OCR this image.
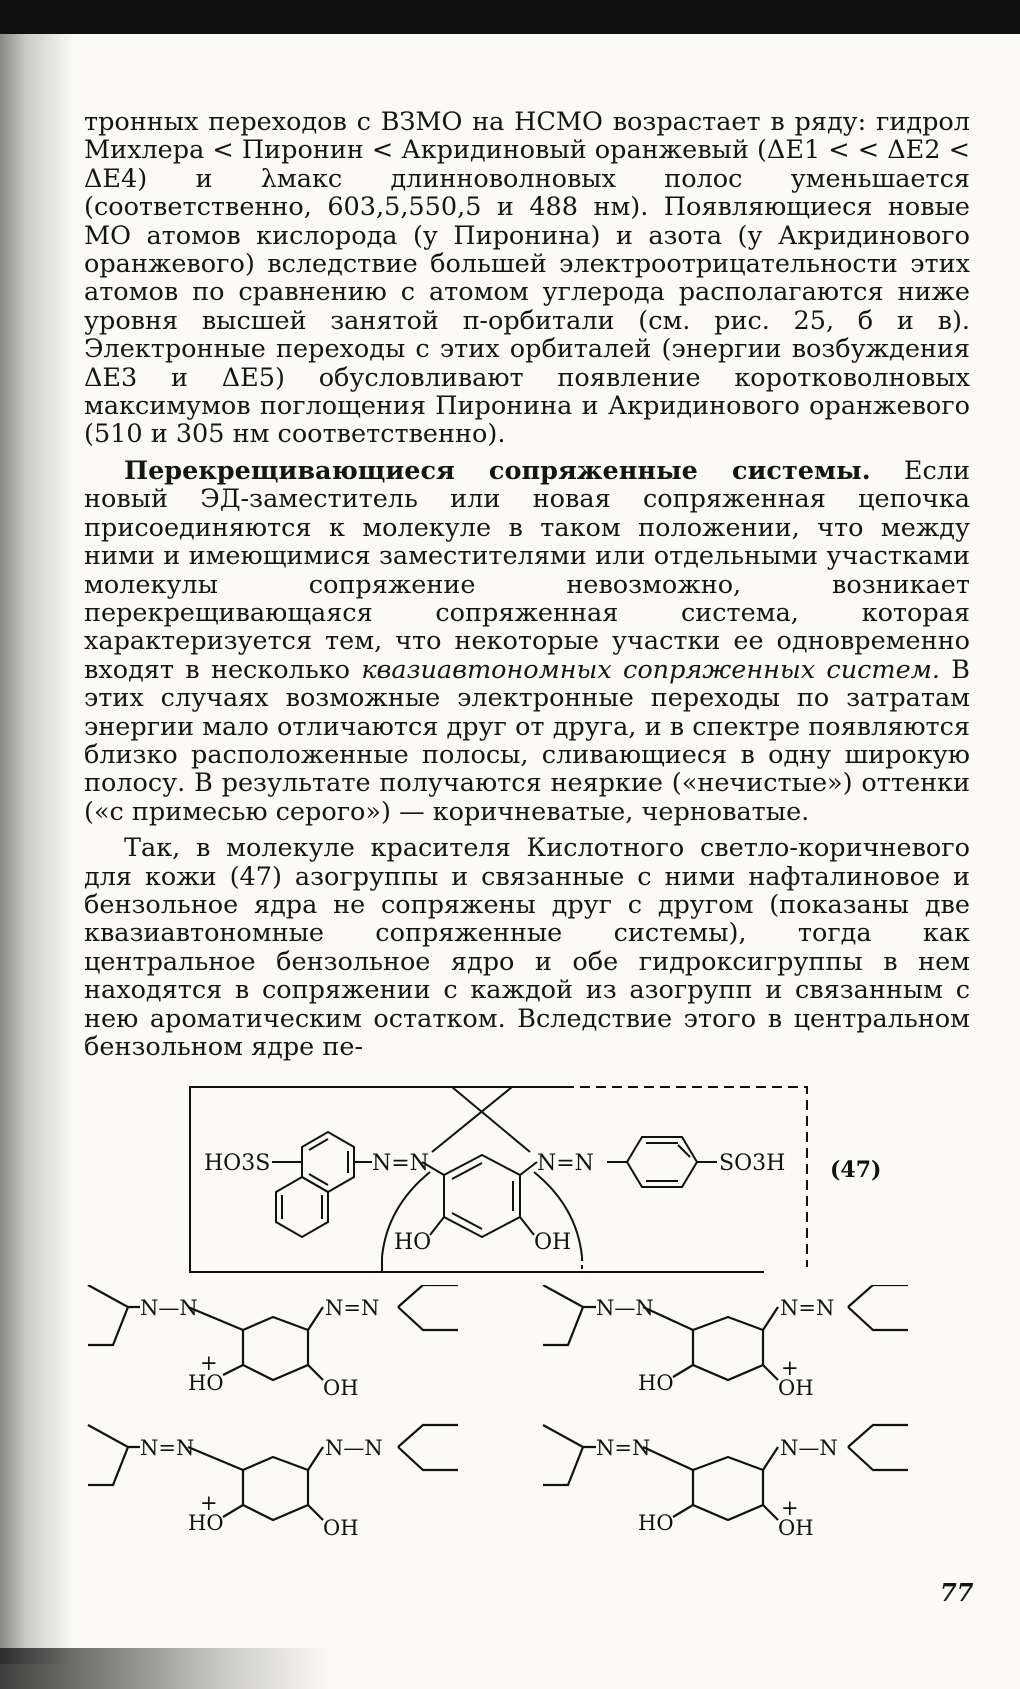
тронных переходов с ВЗМО на НСМО возрастает в ряду: гидрол Михлера < Пиронин < Акридиновый оранжевый (ΔE1 < < ΔE2 < ΔE4) и λмакс длинноволновых полос уменьшается (соответственно, 603,5,550,5 и 488 нм). Появляющиеся новые МО атомов кислорода (у Пиронина) и азота (у Акридинового оранжевого) вследствие большей электроотрицательности этих атомов по сравнению с атомом углерода располагаются ниже уровня высшей занятой π-орбитали (см. рис. 25, б и в). Электронные переходы с этих орбиталей (энергии возбуждения ΔE3 и ΔE5) обусловливают появление коротковолновых максимумов поглощения Пиронина и Акридинового оранжевого (510 и 305 нм соответственно).

Перекрещивающиеся сопряженные системы. Если новый ЭД-заместитель или новая сопряженная цепочка присоединяются к молекуле в таком положении, что между ними и имеющимися заместителями или отдельными участками молекулы сопряжение невозможно, возникает перекрещивающаяся сопряженная система, которая характеризуется тем, что некоторые участки ее одновременно входят в несколько квазиавтономных сопряженных систем. В этих случаях возможные электронные переходы по затратам энергии мало отличаются друг от друга, и в спектре появляются близко расположенные полосы, сливающиеся в одну широкую полосу. В результате получаются неяркие («нечистые») оттенки («с примесью серого») — коричневатые, черноватые.

Так, в молекуле красителя Кислотного светло-коричневого для кожи (47) азогруппы и связанные с ними нафталиновое и бензольное ядра не сопряжены друг с другом (показаны две квазиавтономные сопряженные системы), тогда как центральное бензольное ядро и обе гидроксигруппы в нем находятся в сопряжении с каждой из азогрупп и связанным с нею ароматическим остатком. Вследствие этого в центральном бензольном ядре пе-

HO3S	N=N	N=N	SO3H
HO	OH
(47)
N—N	N=N
HO
+
OH
N—N	N=N
HO
+
OH
N=N	N—N
HO
+
OH
N=N	N—N
HO
+
OH
77
